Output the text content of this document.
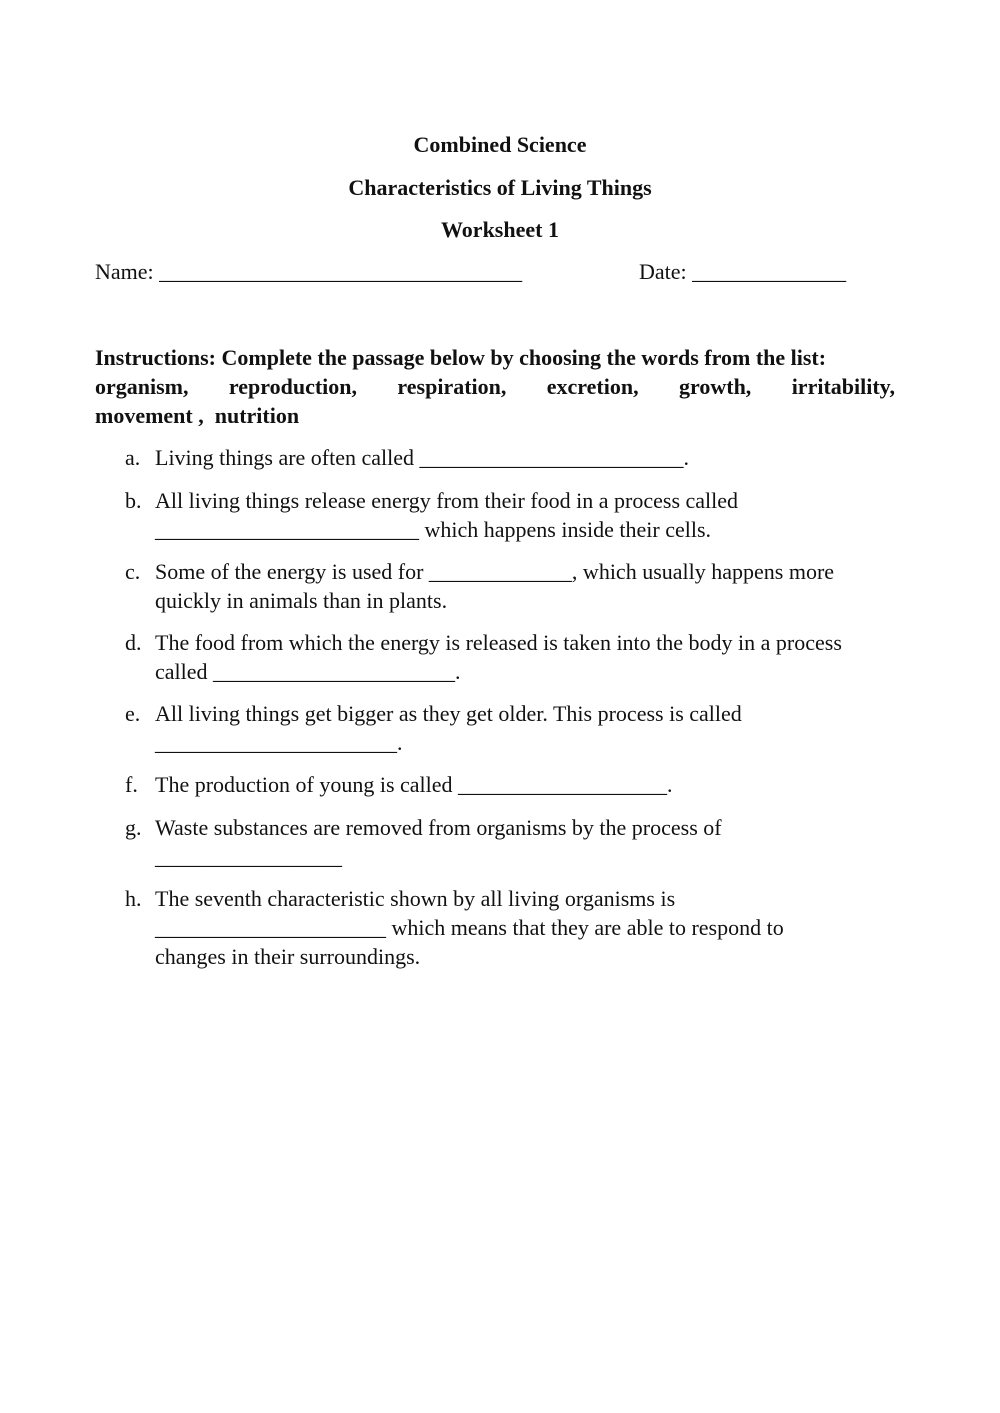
Combined Science
Characteristics of Living Things
Worksheet 1
Name: _________________________________	Date: ______________
Instructions: Complete the passage below by choosing the words from the list:
organism, reproduction, respiration, excretion, growth, irritability,
movement ,  nutrition
a. Living things are often called ________________________.
b. All living things release energy from their food in a process called
________________________ which happens inside their cells.
c. Some of the energy is used for _____________, which usually happens more
quickly in animals than in plants.
d. The food from which the energy is released is taken into the body in a process
called ______________________.
e. All living things get bigger as they get older. This process is called
______________________.
f. The production of young is called ___________________.
g. Waste substances are removed from organisms by the process of
_________________
h. The seventh characteristic shown by all living organisms is
_____________________ which means that they are able to respond to
changes in their surroundings.
